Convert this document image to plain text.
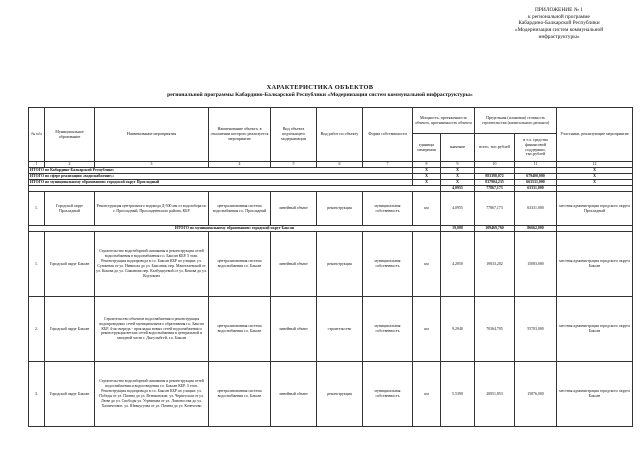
ПРИЛОЖЕНИЕ № 1
к региональной программе
Кабардино-Балкарской Республики
«Модернизация систем коммунальной
инфраструктуры»
ХАРАКТЕРИСТИКА ОБЪЕКТОВ
региональной программы Кабардино-Балкарской Республики «Модернизация систем коммунальной инфраструктуры»
№ п/п	Муниципальное образование	Наименование мероприятия	Наименование объекта, в отношении которого реализуется мероприятие	Вид объекта подлежащего модернизации	Вид работ по объекту	Форма собственности	Мощность, протяженность объекта, протяженность объекта		Предельная (плановая) стоимость строительства (капитального ремонта)		Участники, реализующие мероприятие
							единицы измерения	значение	всего, тыс.рублей	в т.ч. средства финансовой поддержки, тыс.рублей	
1	2	3	4	5	6	7	8	9	10	11	12
ИТОГО по Кабардино-Балкарской Республике:							X	X			X
ИТОГО по сфере реализации «водоснабжение»:							X	X	883398,072	679400,000	X
ИТОГО по муниципальному образованию: городской округ Прохладный							X	X	837904,235	663531,000	X
								4,0955	77867,173	63331,000	
1.	Городской округ Прохладный	Реконструкция центрального водовода Д-500 мм от водозабора по г. Прохладный, Прохладненского района, КБР	централизованная система водоснабжения г.о. Прохладный	линейный объект	реконструкция	муниципальная собственность	км	4,0955	77867,173	63331,000	местная администрация городского округа Прохладный
ИТОГО по муниципальному образованию: городской округ Баксан								19,008	109469,760	86662,000	
1.	Городской округ Баксан	Строительство водозаборной скважины и реконструкция сетей водоснабжения в водоснабжения г.о. Баксан КБР. 5 этап. Реконструкция водопровода в г.о. Баксан КБР по улицам: ул. Сунженая от ул. Нимиола до ул. Баксаная, пер. Макотлаевской от ул. Кокова до ул. Сижанова пер. Калбуцкуевой от ул. Кокова до ул. Кодзокова	централизованная система водоснабжения г.о. Баксан	линейный объект	реконструкция	муниципальная собственность	км	4,2850	19033,202	15083,000	местная администрация городского округа Баксан
2.	Городской округ Баксан	Строительство объектов водоснабжения и реконструкция водопроводных сетей муниципального образования г.о. Баксан КБР. 4-ая очередь - прокладка новых сетей водоснабжения и реконструкция ветхих сетей водоснабжения в центральной и западной части г. Дыгулыбгей, г.о. Баксан	централизованная система водоснабжения г.о. Баксан	линейный объект	строительство	муниципальная собственность	км	9,2940	70364,705	55703,000	местная администрация городского округа Баксан
3.	Городской округ Баксан	Строительство водозаборной скважины и реконструкция сетей водоснабжения и водоотведения г.о. Баксан КБР. 3 этап. Реконструкция водопровода в г.о. Баксан КБР по улицам: ул. Победы от ул. Пачева до ул. Втеиковские, ул. Черкесская от ул. Люве до ул. Свободы ул. Угрванова от ул. Ломоносова до ул. Хачаечтовое, ул. Шевкугуова от ул. Пачева до ул. Кочечтово	централизованная система водоснабжения г.о. Баксан	линейный объект	реконструкция	муниципальная собственность	км	5,5390	20051,853	15876,000	местная администрация городского округа Баксан
